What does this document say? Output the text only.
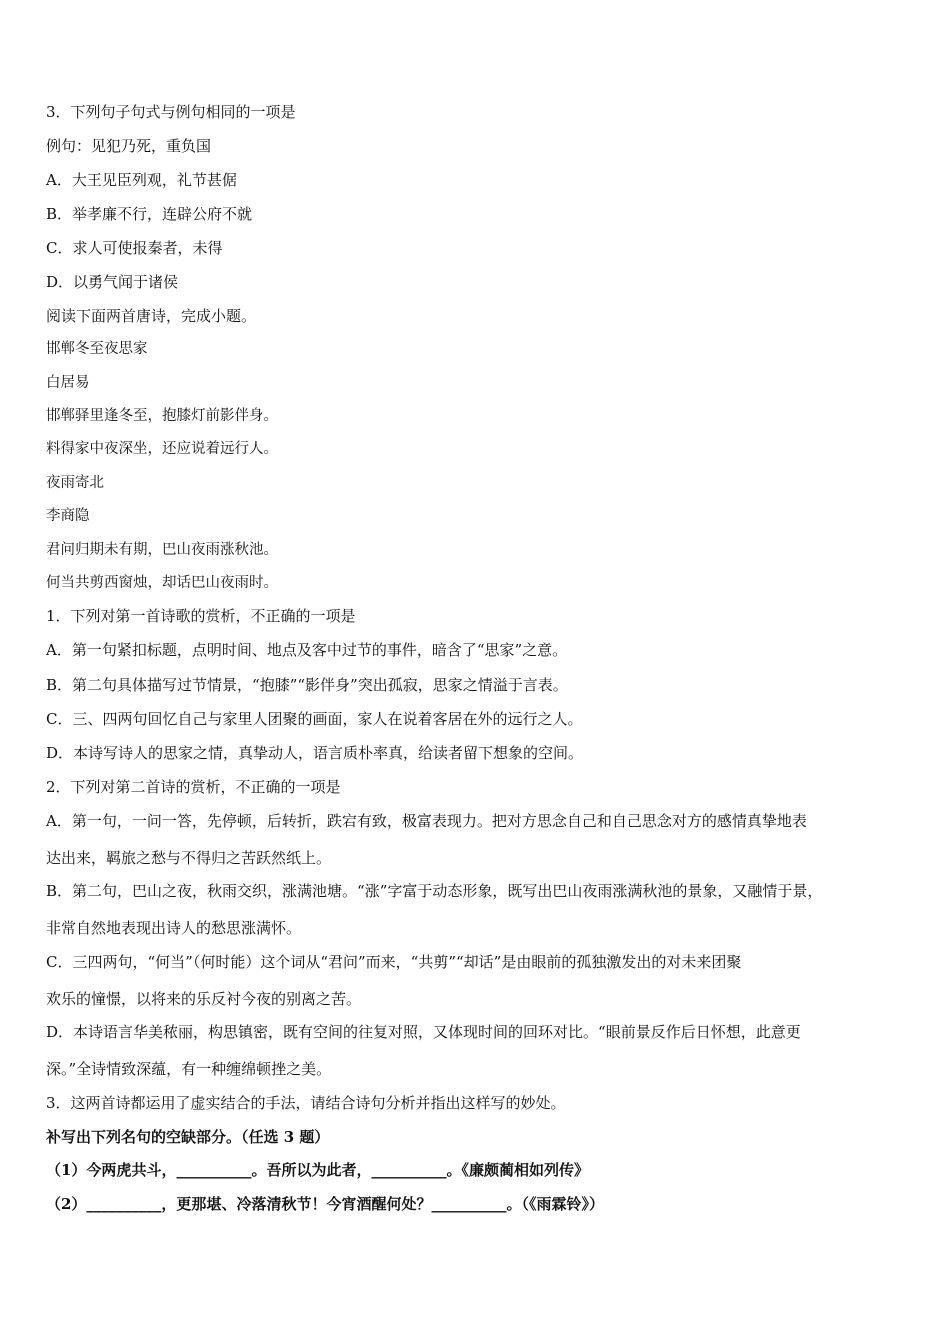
3．下列句子句式与例句相同的一项是
例句：见犯乃死，重负国
A．大王见臣列观，礼节甚倨
B．举孝廉不行，连辟公府不就
C．求人可使报秦者，未得
D．以勇气闻于诸侯
阅读下面两首唐诗，完成小题。
邯郸冬至夜思家
白居易
邯郸驿里逢冬至，抱膝灯前影伴身。
料得家中夜深坐，还应说着远行人。
夜雨寄北
李商隐
君问归期未有期，巴山夜雨涨秋池。
何当共剪西窗烛，却话巴山夜雨时。
1．下列对第一首诗歌的赏析，不正确的一项是
A．第一句紧扣标题，点明时间、地点及客中过节的事件，暗含了“思家”之意。
B．第二句具体描写过节情景，“抱膝”“影伴身”突出孤寂，思家之情溢于言表。
C．三、四两句回忆自己与家里人团聚的画面，家人在说着客居在外的远行之人。
D．本诗写诗人的思家之情，真挚动人，语言质朴率真，给读者留下想象的空间。
2．下列对第二首诗的赏析，不正确的一项是
A．第一句，一问一答，先停顿，后转折，跌宕有致，极富表现力。把对方思念自己和自己思念对方的感情真挚地表
达出来，羁旅之愁与不得归之苦跃然纸上。
B．第二句，巴山之夜，秋雨交织，涨满池塘。“涨”字富于动态形象，既写出巴山夜雨涨满秋池的景象，又融情于景，
非常自然地表现出诗人的愁思涨满怀。
C．三四两句，“何当”（何时能）这个词从“君问”而来，“共剪”“却话”是由眼前的孤独激发出的对未来团聚
欢乐的憧憬，以将来的乐反衬今夜的别离之苦。
D．本诗语言华美秾丽，构思镇密，既有空间的往复对照，又体现时间的回环对比。“眼前景反作后日怀想，此意更
深。”全诗情致深蕴，有一种缠绵顿挫之美。
3．这两首诗都运用了虚实结合的手法，请结合诗句分析并指出这样写的妙处。
补写出下列名句的空缺部分。（任选 3 题）
（1）今两虎共斗，__________。吾所以为此者，__________。《廉颇蔺相如列传》
（2）__________，更那堪、冷落清秋节！今宵酒醒何处？__________。（《雨霖铃》）
